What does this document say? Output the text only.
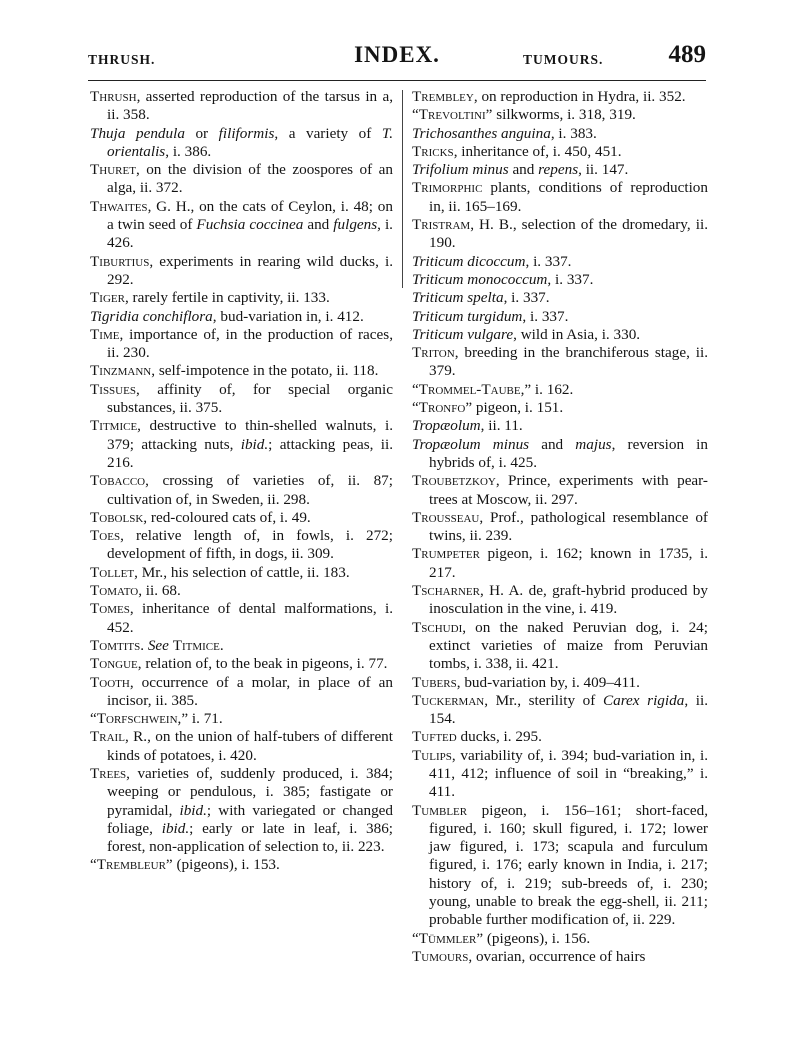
THRUSH.	INDEX.	TUMOURS.	489

Thrush, asserted reproduction of the tarsus in a, ii. 358.

Thuja pendula or filiformis, a variety of T. orientalis, i. 386.

Thuret, on the division of the zoospores of an alga, ii. 372.

Thwaites, G. H., on the cats of Ceylon, i. 48; on a twin seed of Fuchsia coccinea and fulgens, i. 426.

Tiburtius, experiments in rearing wild ducks, i. 292.

Tiger, rarely fertile in captivity, ii. 133.

Tigridia conchiflora, bud-variation in, i. 412.

Time, importance of, in the production of races, ii. 230.

Tinzmann, self-impotence in the potato, ii. 118.

Tissues, affinity of, for special organic substances, ii. 375.

Titmice, destructive to thin-shelled walnuts, i. 379; attacking nuts, ibid.; attacking peas, ii. 216.

Tobacco, crossing of varieties of, ii. 87; cultivation of, in Sweden, ii. 298.

Tobolsk, red-coloured cats of, i. 49.

Toes, relative length of, in fowls, i. 272; development of fifth, in dogs, ii. 309.

Tollet, Mr., his selection of cattle, ii. 183.

Tomato, ii. 68.

Tomes, inheritance of dental malformations, i. 452.

Tomtits. See Titmice.

Tongue, relation of, to the beak in pigeons, i. 77.

Tooth, occurrence of a molar, in place of an incisor, ii. 385.

“Torfschwein,” i. 71.

Trail, R., on the union of half-tubers of different kinds of potatoes, i. 420.

Trees, varieties of, suddenly produced, i. 384; weeping or pendulous, i. 385; fastigate or pyramidal, ibid.; with variegated or changed foliage, ibid.; early or late in leaf, i. 386; forest, non-application of selection to, ii. 223.

“Trembleur” (pigeons), i. 153.

Trembley, on reproduction in Hydra, ii. 352.

“Trevoltini” silkworms, i. 318, 319.

Trichosanthes anguina, i. 383.

Tricks, inheritance of, i. 450, 451.

Trifolium minus and repens, ii. 147.

Trimorphic plants, conditions of reproduction in, ii. 165–169.

Tristram, H. B., selection of the dromedary, ii. 190.

Triticum dicoccum, i. 337.

Triticum monococcum, i. 337.

Triticum spelta, i. 337.

Triticum turgidum, i. 337.

Triticum vulgare, wild in Asia, i. 330.

Triton, breeding in the branchiferous stage, ii. 379.

“Trommel-Taube,” i. 162.

“Tronfo” pigeon, i. 151.

Tropæolum, ii. 11.

Tropæolum minus and majus, reversion in hybrids of, i. 425.

Troubetzkoy, Prince, experiments with pear-trees at Moscow, ii. 297.

Trousseau, Prof., pathological resemblance of twins, ii. 239.

Trumpeter pigeon, i. 162; known in 1735, i. 217.

Tscharner, H. A. de, graft-hybrid produced by inosculation in the vine, i. 419.

Tschudi, on the naked Peruvian dog, i. 24; extinct varieties of maize from Peruvian tombs, i. 338, ii. 421.

Tubers, bud-variation by, i. 409–411.

Tuckerman, Mr., sterility of Carex rigida, ii. 154.

Tufted ducks, i. 295.

Tulips, variability of, i. 394; bud-variation in, i. 411, 412; influence of soil in “breaking,” i. 411.

Tumbler pigeon, i. 156–161; short-faced, figured, i. 160; skull figured, i. 172; lower jaw figured, i. 173; scapula and furculum figured, i. 176; early known in India, i. 217; history of, i. 219; sub-breeds of, i. 230; young, unable to break the egg-shell, ii. 211; probable further modification of, ii. 229.

“Tümmler” (pigeons), i. 156.

Tumours, ovarian, occurrence of hairs
